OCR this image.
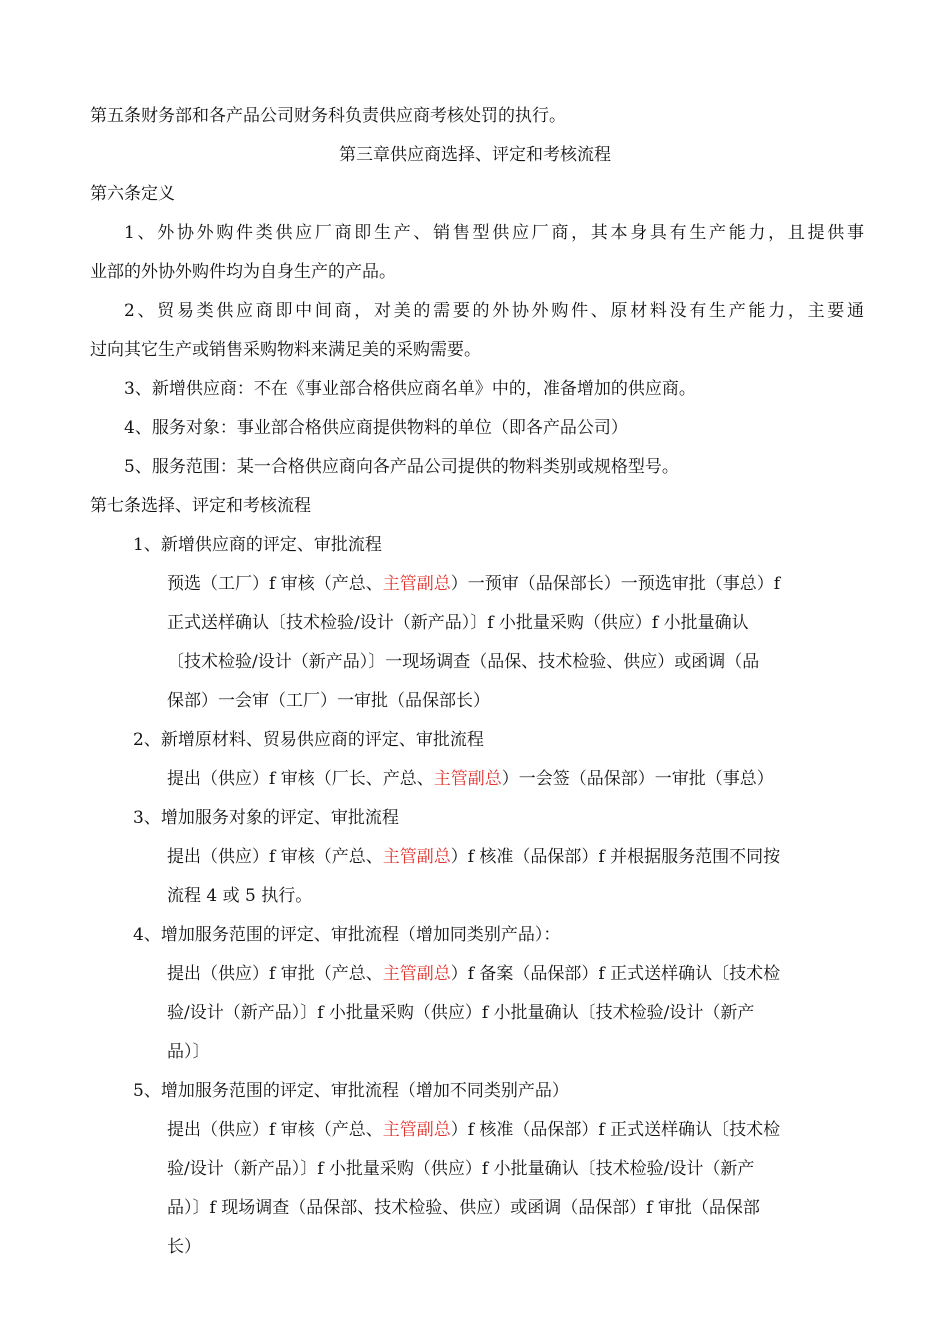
第五条财务部和各产品公司财务科负责供应商考核处罚的执行。
第三章供应商选择、评定和考核流程
第六条定义
1、外协外购件类供应厂商即生产、销售型供应厂商，其本身具有生产能力，且提供事
业部的外协外购件均为自身生产的产品。
2、贸易类供应商即中间商，对美的需要的外协外购件、原材料没有生产能力，主要通
过向其它生产或销售采购物料来满足美的采购需要。
3、新增供应商：不在《事业部合格供应商名单》中的，准备增加的供应商。
4、服务对象：事业部合格供应商提供物料的单位（即各产品公司）
5、服务范围：某一合格供应商向各产品公司提供的物料类别或规格型号。
第七条选择、评定和考核流程
1、新增供应商的评定、审批流程
预选（工厂）f 审核（产总、主管副总）一预审（品保部长）一预选审批（事总）f
正式送样确认〔技术检验/设计（新产品）〕f 小批量采购（供应）f 小批量确认
〔技术检验/设计（新产品）〕一现场调查（品保、技术检验、供应）或函调（品
保部）一会审（工厂）一审批（品保部长）
2、新增原材料、贸易供应商的评定、审批流程
提出（供应）f 审核（厂长、产总、主管副总）一会签（品保部）一审批（事总）
3、增加服务对象的评定、审批流程
提出（供应）f 审核（产总、主管副总）f 核准（品保部）f 并根据服务范围不同按
流程 4 或 5 执行。
4、增加服务范围的评定、审批流程（增加同类别产品）：
提出（供应）f 审批（产总、主管副总）f 备案（品保部）f 正式送样确认〔技术检
验/设计（新产品）〕f 小批量采购（供应）f 小批量确认〔技术检验/设计（新产
品）〕
5、增加服务范围的评定、审批流程（增加不同类别产品）
提出（供应）f 审核（产总、主管副总）f 核准（品保部）f 正式送样确认〔技术检
验/设计（新产品）〕f 小批量采购（供应）f 小批量确认〔技术检验/设计（新产
品）〕f 现场调查（品保部、技术检验、供应）或函调（品保部）f 审批（品保部
长）
